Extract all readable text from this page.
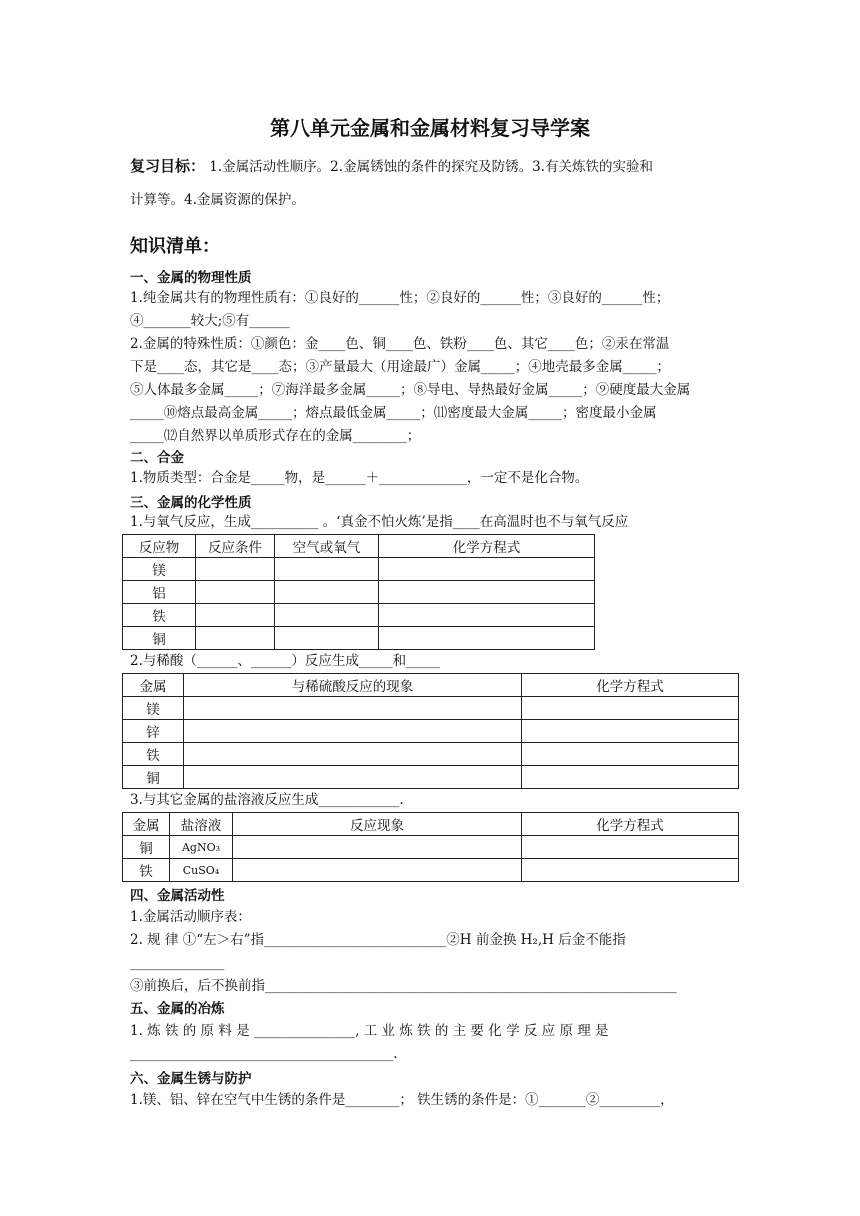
第八单元金属和金属材料复习导学案
复习目标： 1.金属活动性顺序。2.金属锈蚀的条件的探究及防锈。3.有关炼铁的实验和
计算等。4.金属资源的保护。
知识清单：
一、金属的物理性质
1.纯金属共有的物理性质有：①良好的______性；②良好的______性；③良好的______性；
④_______较大;⑤有______
2.金属的特殊性质：①颜色：金____色、铜____色、铁粉____色、其它____色；②汞在常温
下是____态，其它是____态；③产量最大（用途最广）金属_____；④地壳最多金属_____；
⑤人体最多金属_____；⑦海洋最多金属_____；⑧导电、导热最好金属_____；⑨硬度最大金属
_____⑩熔点最高金属_____；熔点最低金属_____；⑾密度最大金属_____；密度最小金属
_____⑿自然界以单质形式存在的金属________；
二、合金
1.物质类型：合金是_____物，是______＋_____________，一定不是化合物。
三、金属的化学性质
1.与氧气反应，生成__________ 。‘真金不怕火炼’是指____在高温时也不与氧气反应
反应物	反应条件	空气或氧气	化学方程式
镁			
铝			
铁			
铜			
2.与稀酸（______、______）反应生成_____和_____
金属	与稀硫酸反应的现象	化学方程式
镁		
锌		
铁		
铜		
3.与其它金属的盐溶液反应生成____________.
金属	盐溶液	反应现象	化学方程式
铜	AgNO₃		
铁	CuSO₄		
四、金属活动性
1.金属活动顺序表：
2. 规 律 ①“左＞右”指___________________________②H 前金换 H₂,H 后金不能指
______________
③前换后，后不换前指_____________________________________________________________
五、金属的冶炼
1. 炼 铁 的 原 料 是 _______________, 工 业 炼 铁 的 主 要 化 学 反 应 原 理 是
_______________________________________.
六、金属生锈与防护
1.镁、铝、锌在空气中生锈的条件是________； 铁生锈的条件是：①_______②_________，
